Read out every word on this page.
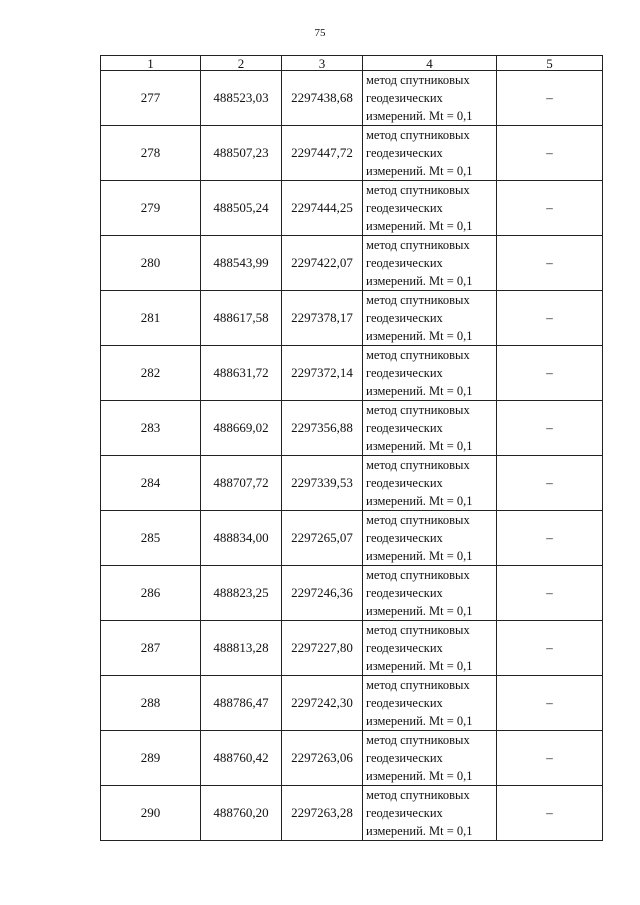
75
1	2	3	4	5
277	488523,03	2297438,68	метод спутниковых
геодезических
измерений. Mt = 0,1	–
278	488507,23	2297447,72	метод спутниковых
геодезических
измерений. Mt = 0,1	–
279	488505,24	2297444,25	метод спутниковых
геодезических
измерений. Mt = 0,1	–
280	488543,99	2297422,07	метод спутниковых
геодезических
измерений. Mt = 0,1	–
281	488617,58	2297378,17	метод спутниковых
геодезических
измерений. Mt = 0,1	–
282	488631,72	2297372,14	метод спутниковых
геодезических
измерений. Mt = 0,1	–
283	488669,02	2297356,88	метод спутниковых
геодезических
измерений. Mt = 0,1	–
284	488707,72	2297339,53	метод спутниковых
геодезических
измерений. Mt = 0,1	–
285	488834,00	2297265,07	метод спутниковых
геодезических
измерений. Mt = 0,1	–
286	488823,25	2297246,36	метод спутниковых
геодезических
измерений. Mt = 0,1	–
287	488813,28	2297227,80	метод спутниковых
геодезических
измерений. Mt = 0,1	–
288	488786,47	2297242,30	метод спутниковых
геодезических
измерений. Mt = 0,1	–
289	488760,42	2297263,06	метод спутниковых
геодезических
измерений. Mt = 0,1	–
290	488760,20	2297263,28	метод спутниковых
геодезических
измерений. Mt = 0,1	–
